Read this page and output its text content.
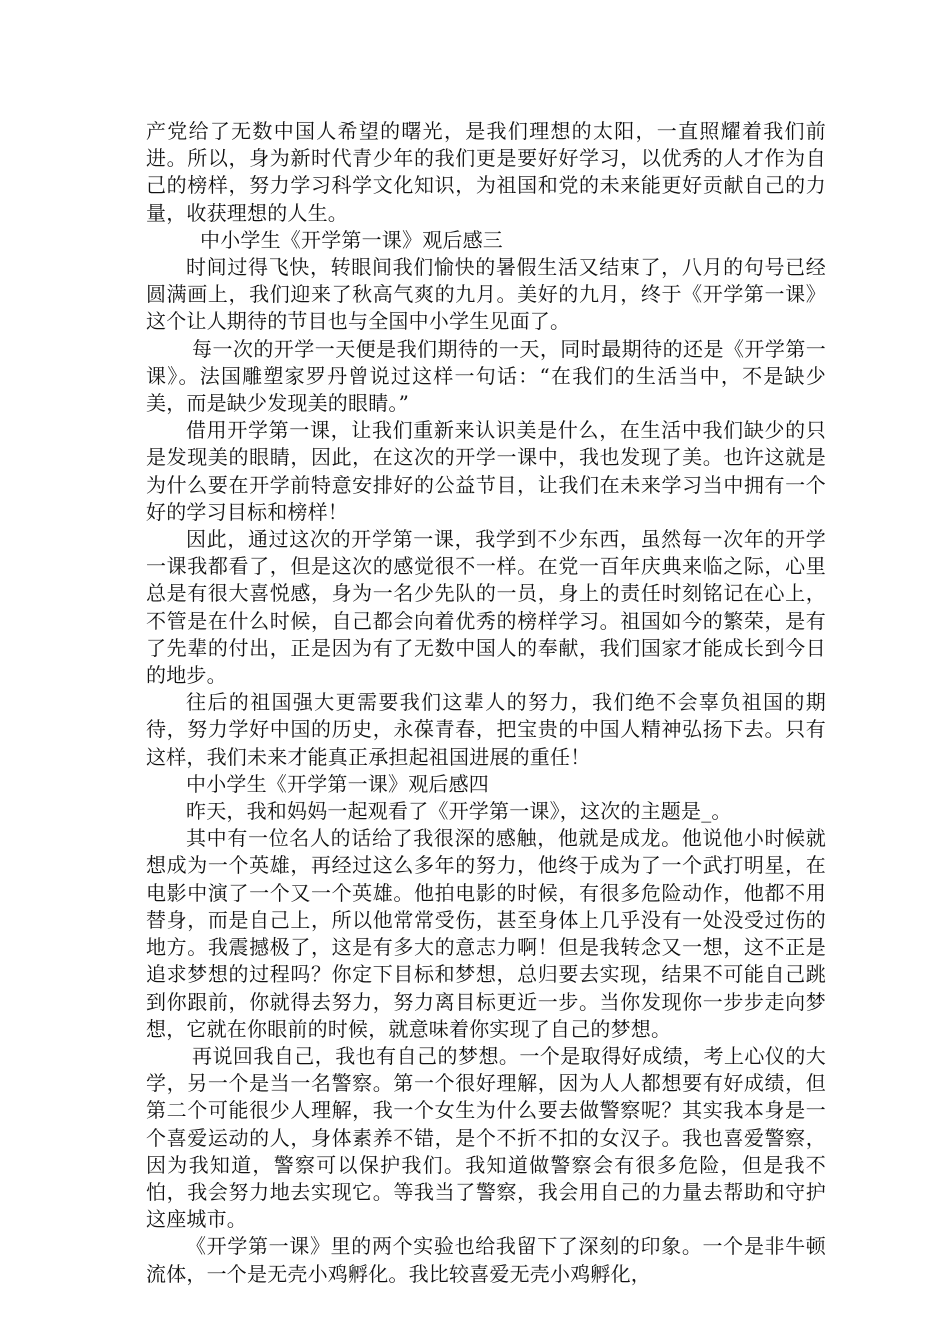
产党给了无数中国人希望的曙光，是我们理想的太阳，一直照耀着我们前进。所以，身为新时代青少年的我们更是要好好学习，以优秀的人才作为自己的榜样，努力学习科学文化知识，为祖国和党的未来能更好贡献自己的力量，收获理想的人生。

中小学生《开学第一课》观后感三

时间过得飞快，转眼间我们愉快的暑假生活又结束了，八月的句号已经圆满画上，我们迎来了秋高气爽的九月。美好的九月，终于《开学第一课》这个让人期待的节目也与全国中小学生见面了。

每一次的开学一天便是我们期待的一天，同时最期待的还是《开学第一课》。法国雕塑家罗丹曾说过这样一句话：“在我们的生活当中，不是缺少美，而是缺少发现美的眼睛。”

借用开学第一课，让我们重新来认识美是什么，在生活中我们缺少的只是发现美的眼睛，因此，在这次的开学一课中，我也发现了美。也许这就是为什么要在开学前特意安排好的公益节目，让我们在未来学习当中拥有一个好的学习目标和榜样！

因此，通过这次的开学第一课，我学到不少东西，虽然每一次年的开学一课我都看了，但是这次的感觉很不一样。在党一百年庆典来临之际，心里总是有很大喜悦感，身为一名少先队的一员，身上的责任时刻铭记在心上，不管是在什么时候，自己都会向着优秀的榜样学习。祖国如今的繁荣，是有了先辈的付出，正是因为有了无数中国人的奉献，我们国家才能成长到今日的地步。

往后的祖国强大更需要我们这辈人的努力，我们绝不会辜负祖国的期待，努力学好中国的历史，永葆青春，把宝贵的中国人精神弘扬下去。只有这样，我们未来才能真正承担起祖国进展的重任！

中小学生《开学第一课》观后感四

昨天，我和妈妈一起观看了《开学第一课》，这次的主题是_。

其中有一位名人的话给了我很深的感触，他就是成龙。他说他小时候就想成为一个英雄，再经过这么多年的努力，他终于成为了一个武打明星，在电影中演了一个又一个英雄。他拍电影的时候，有很多危险动作，他都不用替身，而是自己上，所以他常常受伤，甚至身体上几乎没有一处没受过伤的地方。我震撼极了，这是有多大的意志力啊！但是我转念又一想，这不正是追求梦想的过程吗？你定下目标和梦想，总归要去实现，结果不可能自己跳到你跟前，你就得去努力，努力离目标更近一步。当你发现你一步步走向梦想，它就在你眼前的时候，就意味着你实现了自己的梦想。

再说回我自己，我也有自己的梦想。一个是取得好成绩，考上心仪的大学，另一个是当一名警察。第一个很好理解，因为人人都想要有好成绩，但第二个可能很少人理解，我一个女生为什么要去做警察呢？其实我本身是一个喜爱运动的人，身体素养不错，是个不折不扣的女汉子。我也喜爱警察，因为我知道，警察可以保护我们。我知道做警察会有很多危险，但是我不怕，我会努力地去实现它。等我当了警察，我会用自己的力量去帮助和守护这座城市。

《开学第一课》里的两个实验也给我留下了深刻的印象。一个是非牛顿流体，一个是无壳小鸡孵化。我比较喜爱无壳小鸡孵化，
